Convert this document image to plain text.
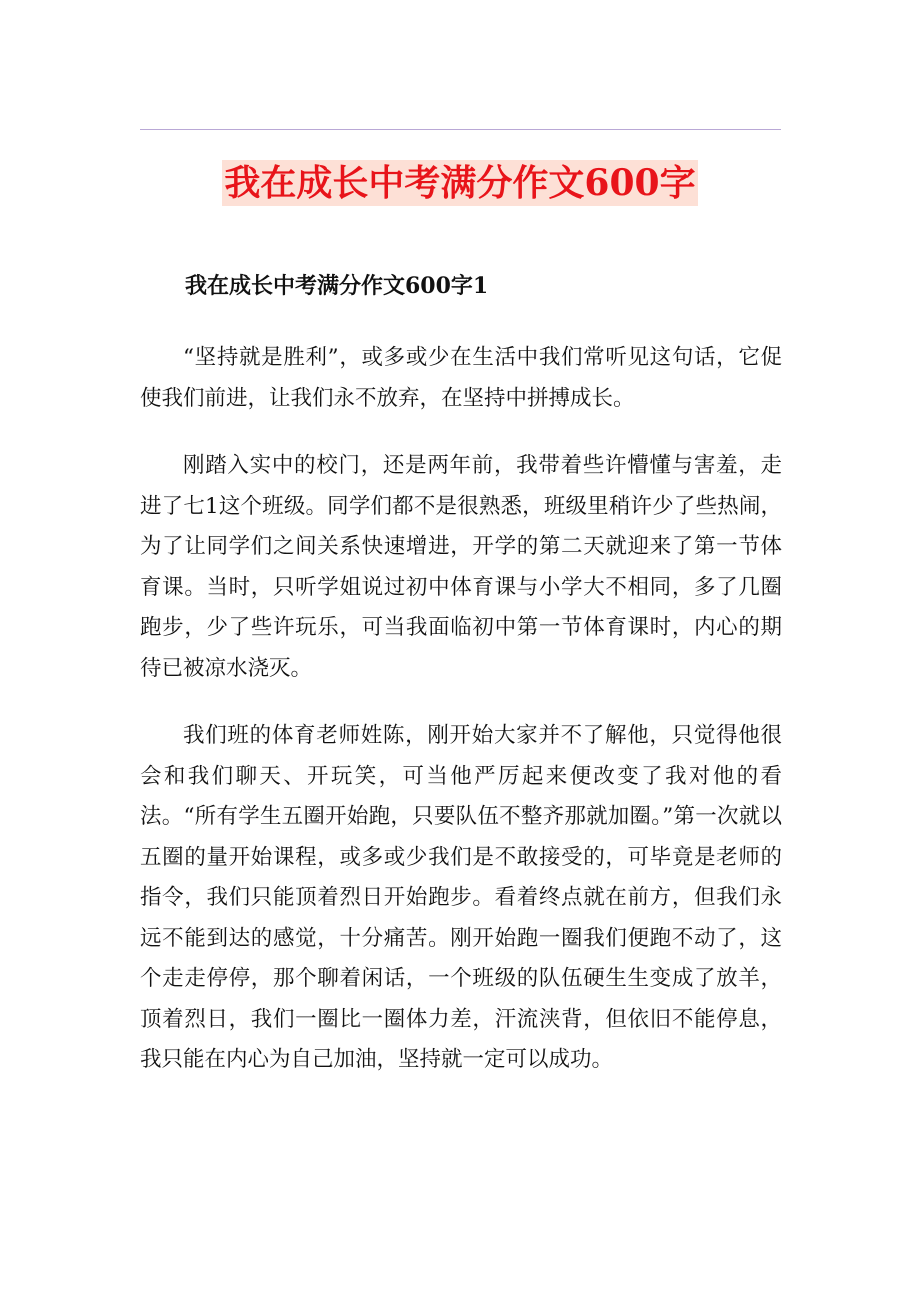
我在成长中考满分作文600字
我在成长中考满分作文600字1

“坚持就是胜利”，或多或少在生活中我们常听见这句话，它促使我们前进，让我们永不放弃，在坚持中拼搏成长。

刚踏入实中的校门，还是两年前，我带着些许懵懂与害羞，走进了七1这个班级。同学们都不是很熟悉，班级里稍许少了些热闹，为了让同学们之间关系快速增进，开学的第二天就迎来了第一节体育课。当时，只听学姐说过初中体育课与小学大不相同，多了几圈跑步，少了些许玩乐，可当我面临初中第一节体育课时，内心的期待已被凉水浇灭。

我们班的体育老师姓陈，刚开始大家并不了解他，只觉得他很会和我们聊天、开玩笑，可当他严厉起来便改变了我对他的看法。“所有学生五圈开始跑，只要队伍不整齐那就加圈。”第一次就以五圈的量开始课程，或多或少我们是不敢接受的，可毕竟是老师的指令，我们只能顶着烈日开始跑步。看着终点就在前方，但我们永远不能到达的感觉，十分痛苦。刚开始跑一圈我们便跑不动了，这个走走停停，那个聊着闲话，一个班级的队伍硬生生变成了放羊，顶着烈日，我们一圈比一圈体力差，汗流浃背，但依旧不能停息，我只能在内心为自己加油，坚持就一定可以成功。
